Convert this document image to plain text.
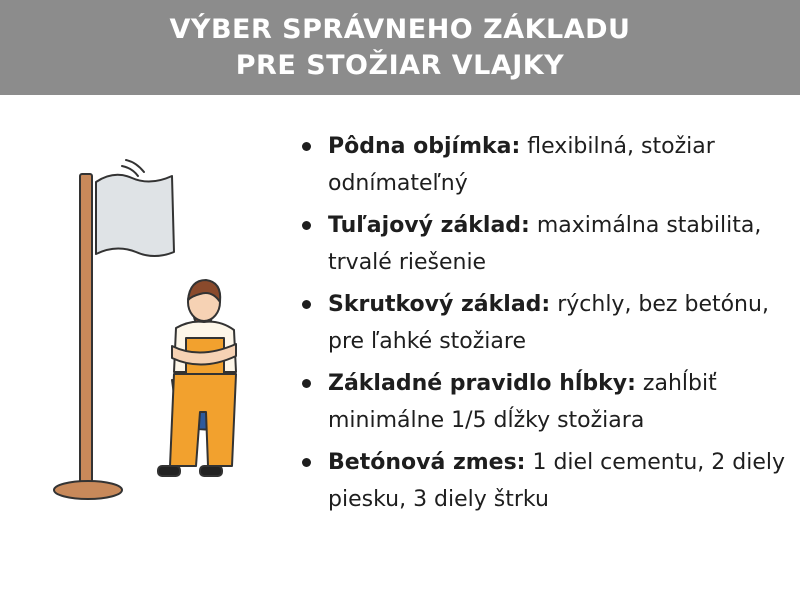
VÝBER SPRÁVNEHO ZÁKLADU
PRE STOŽIAR VLAJKY
Pôdna objímka: flexibilná, stožiar odnímateľný
Tuľajový základ: maximálna stabilita, trvalé riešenie
Skrutkový základ: rýchly, bez betónu, pre ľahké stožiare
Základné pravidlo hĺbky: zahĺbiť minimálne 1/5 dĺžky stožiara
Betónová zmes: 1 diel cementu, 2 diely piesku, 3 diely štrku
